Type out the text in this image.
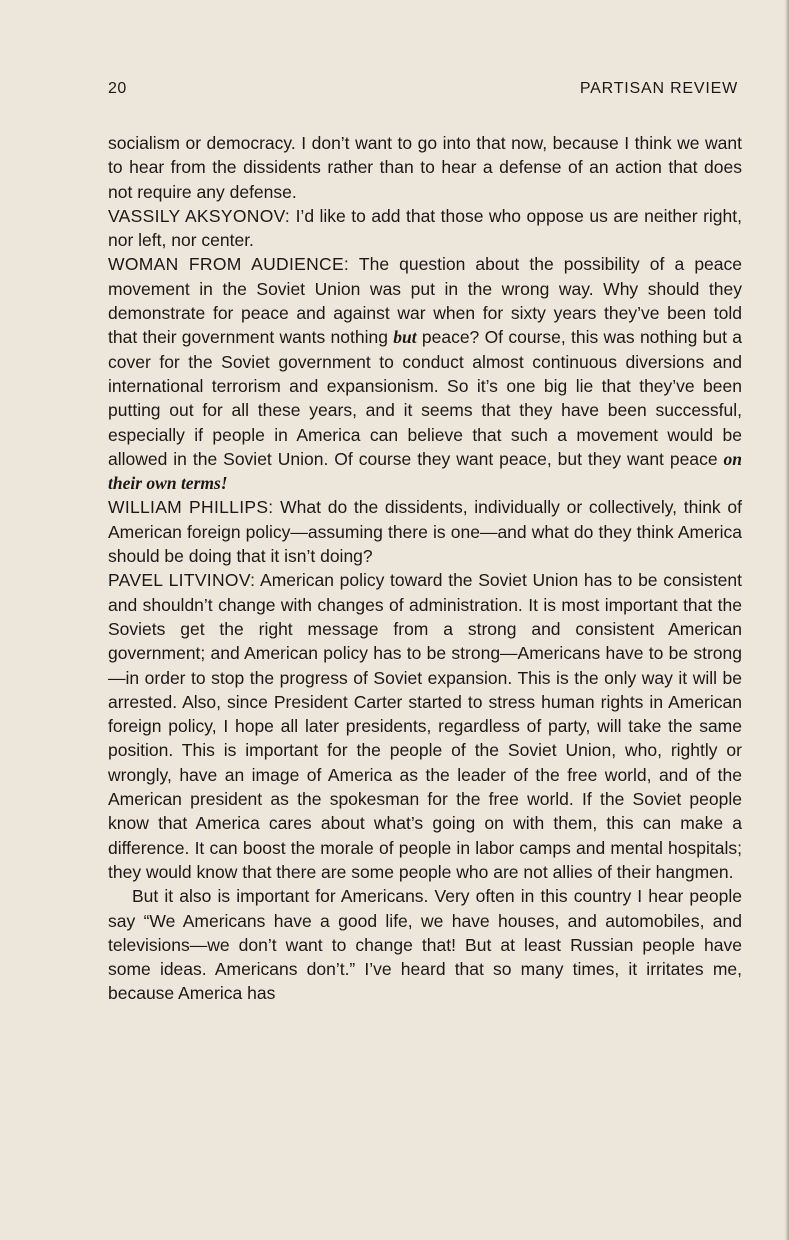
20	PARTISAN REVIEW

socialism or democracy. I don’t want to go into that now, because I think we want to hear from the dissidents rather than to hear a defense of an action that does not require any defense.

VASSILY AKSYONOV: I’d like to add that those who oppose us are neither right, nor left, nor center.

WOMAN FROM AUDIENCE: The question about the possibility of a peace movement in the Soviet Union was put in the wrong way. Why should they demonstrate for peace and against war when for sixty years they’ve been told that their government wants nothing but peace? Of course, this was nothing but a cover for the Soviet government to conduct almost continuous diversions and international terrorism and expansionism. So it’s one big lie that they’ve been putting out for all these years, and it seems that they have been successful, especially if people in America can believe that such a movement would be allowed in the Soviet Union. Of course they want peace, but they want peace on their own terms!

WILLIAM PHILLIPS: What do the dissidents, individually or collectively, think of American foreign policy—assuming there is one—and what do they think America should be doing that it isn’t doing?

PAVEL LITVINOV: American policy toward the Soviet Union has to be consistent and shouldn’t change with changes of administration. It is most important that the Soviets get the right message from a strong and consistent American government; and American policy has to be strong—Americans have to be strong—in order to stop the progress of Soviet expansion. This is the only way it will be arrested. Also, since President Carter started to stress human rights in American foreign policy, I hope all later presidents, regardless of party, will take the same position. This is important for the people of the Soviet Union, who, rightly or wrongly, have an image of America as the leader of the free world, and of the American president as the spokesman for the free world. If the Soviet people know that America cares about what’s going on with them, this can make a difference. It can boost the morale of people in labor camps and mental hospitals; they would know that there are some people who are not allies of their hangmen.

But it also is important for Americans. Very often in this country I hear people say “We Americans have a good life, we have houses, and automobiles, and televisions—we don’t want to change that! But at least Russian people have some ideas. Americans don’t.” I’ve heard that so many times, it irritates me, because America has
